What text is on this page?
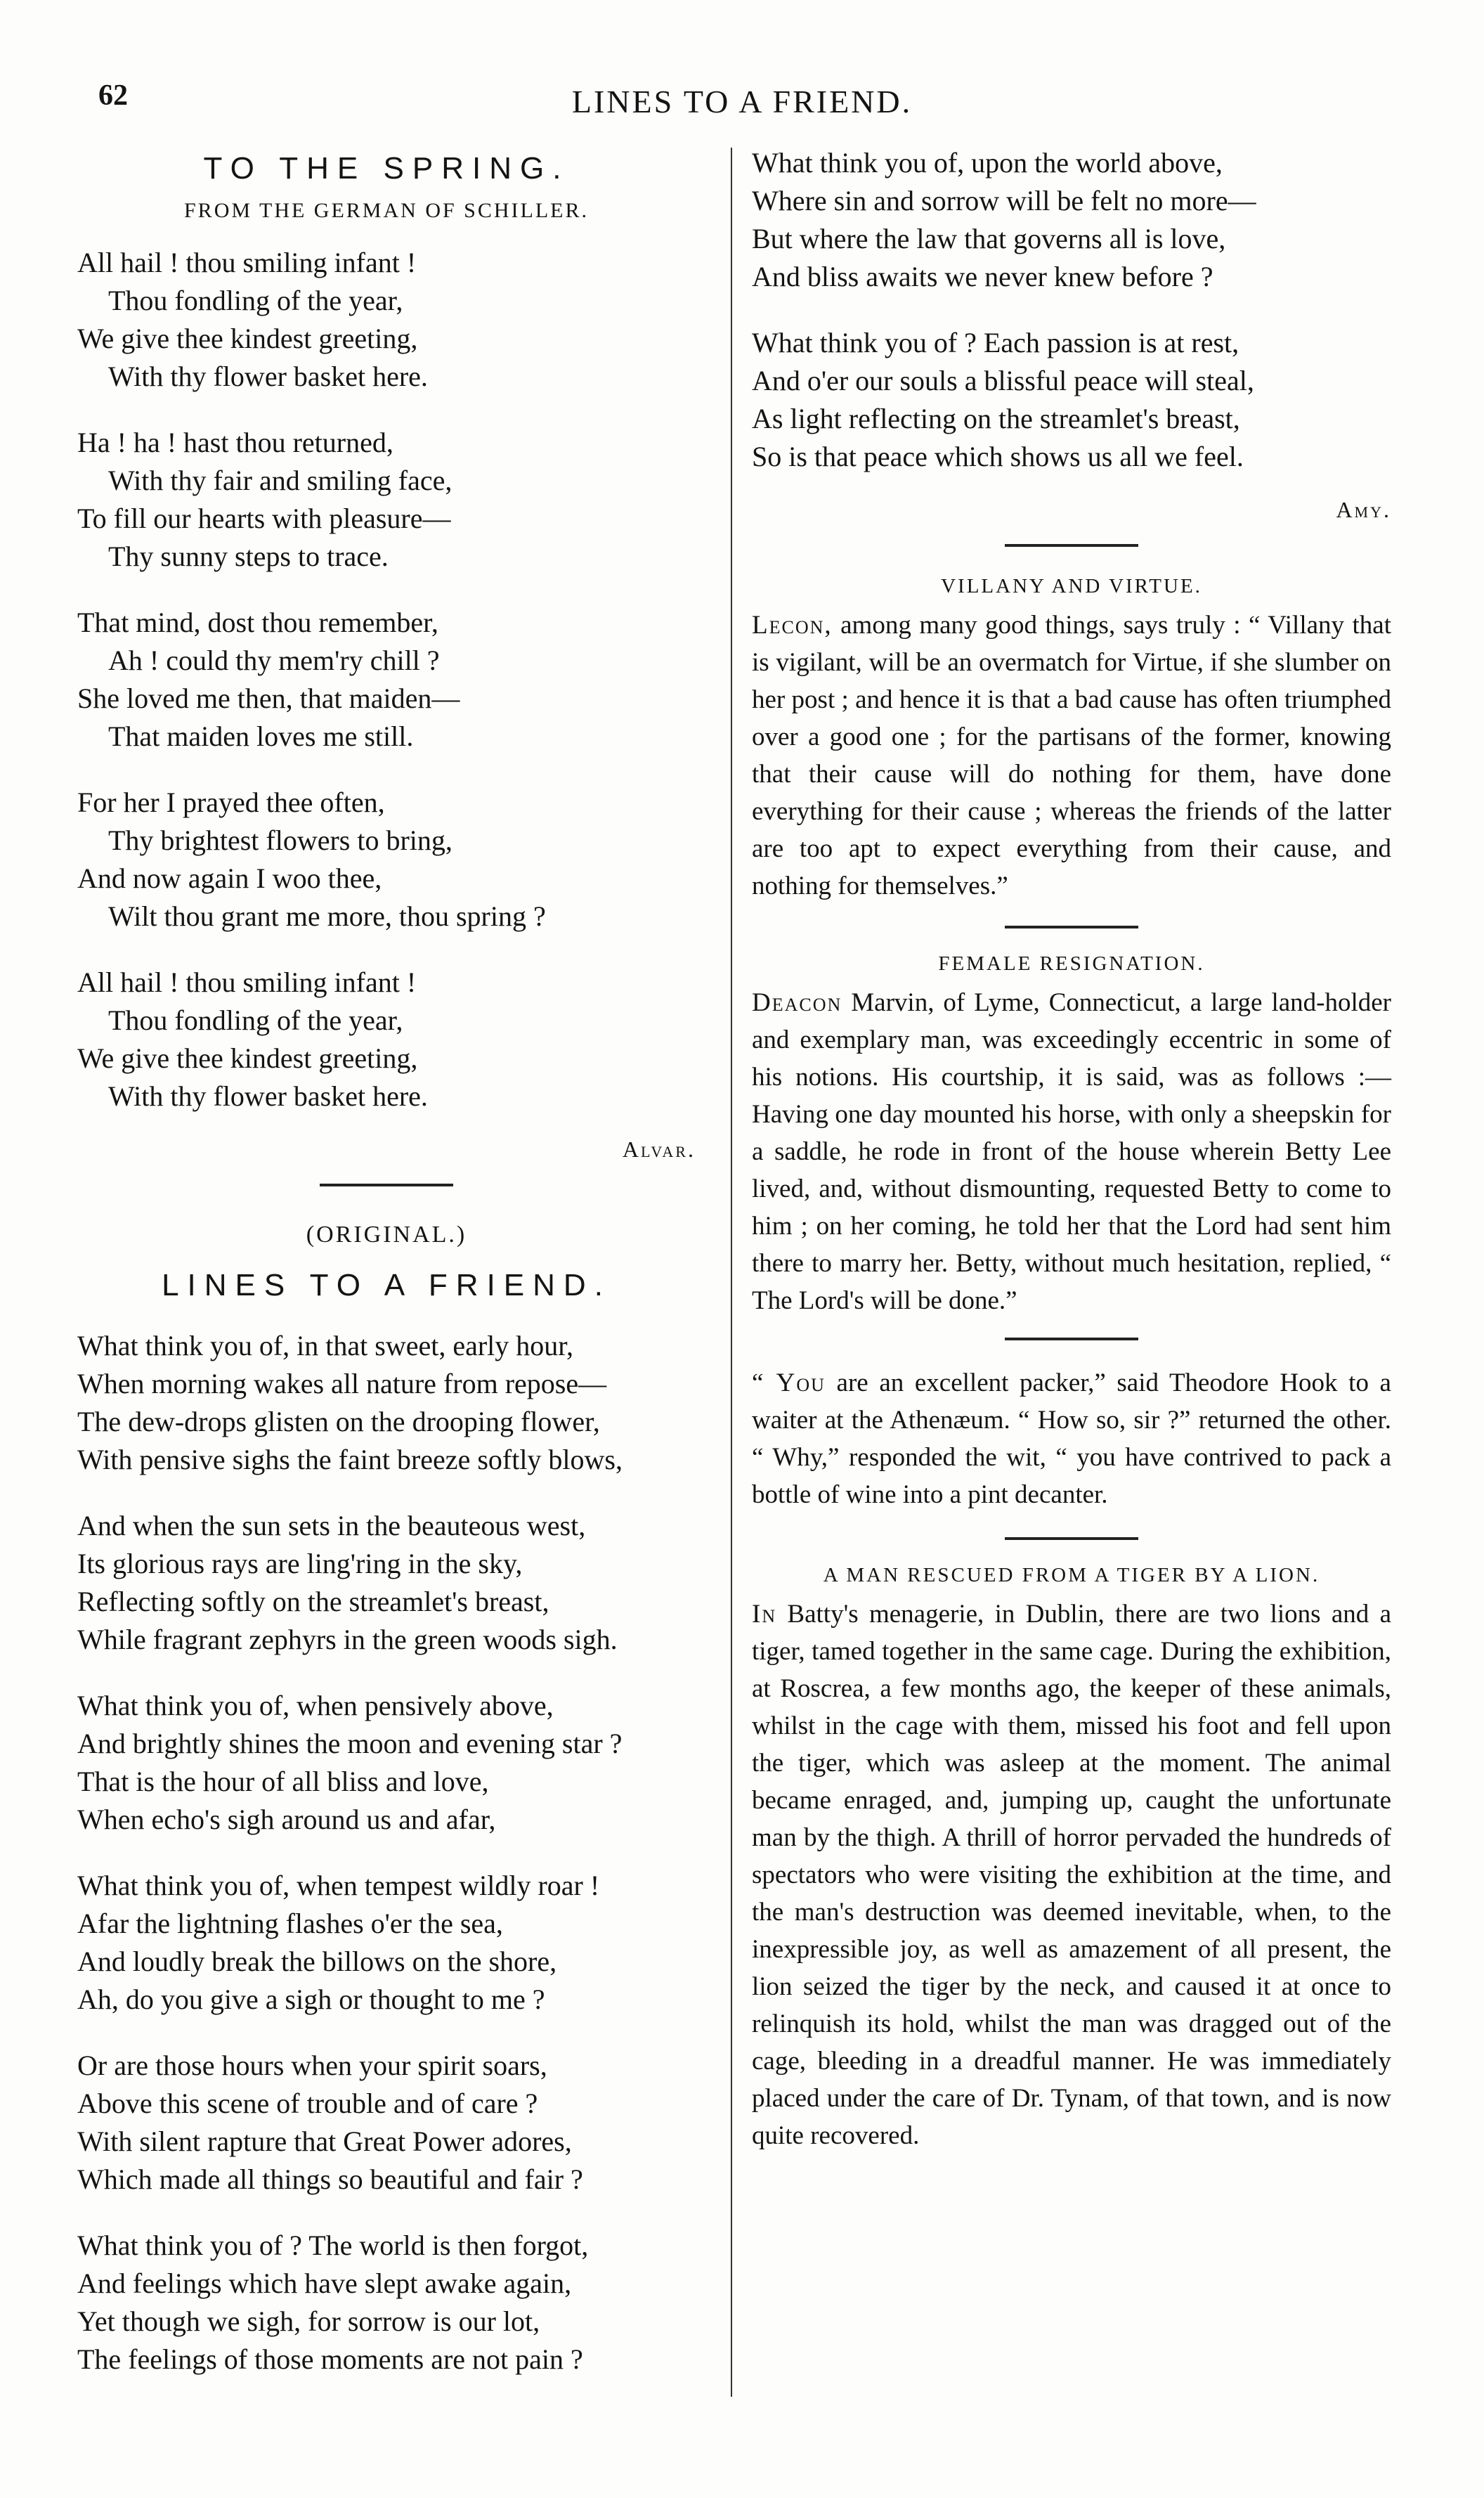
62	LINES TO A FRIEND.
TO THE SPRING.
FROM THE GERMAN OF SCHILLER.
All hail ! thou smiling infant !
Thou fondling of the year,
We give thee kindest greeting,
With thy flower basket here.
Ha ! ha ! hast thou returned,
With thy fair and smiling face,
To fill our hearts with pleasure—
Thy sunny steps to trace.
That mind, dost thou remember,
Ah ! could thy mem'ry chill ?
She loved me then, that maiden—
That maiden loves me still.
For her I prayed thee often,
Thy brightest flowers to bring,
And now again I woo thee,
Wilt thou grant me more, thou spring ?
All hail ! thou smiling infant !
Thou fondling of the year,
We give thee kindest greeting,
With thy flower basket here.
Alvar.
(ORIGINAL.)
LINES TO A FRIEND.
What think you of, in that sweet, early hour,
When morning wakes all nature from repose—
The dew-drops glisten on the drooping flower,
With pensive sighs the faint breeze softly blows,
And when the sun sets in the beauteous west,
Its glorious rays are ling'ring in the sky,
Reflecting softly on the streamlet's breast,
While fragrant zephyrs in the green woods sigh.
What think you of, when pensively above,
And brightly shines the moon and evening star ?
That is the hour of all bliss and love,
When echo's sigh around us and afar,
What think you of, when tempest wildly roar !
Afar the lightning flashes o'er the sea,
And loudly break the billows on the shore,
Ah, do you give a sigh or thought to me ?
Or are those hours when your spirit soars,
Above this scene of trouble and of care ?
With silent rapture that Great Power adores,
Which made all things so beautiful and fair ?
What think you of ? The world is then forgot,
And feelings which have slept awake again,
Yet though we sigh, for sorrow is our lot,
The feelings of those moments are not pain ?
What think you of, upon the world above,
Where sin and sorrow will be felt no more—
But where the law that governs all is love,
And bliss awaits we never knew before ?
What think you of ? Each passion is at rest,
And o'er our souls a blissful peace will steal,
As light reflecting on the streamlet's breast,
So is that peace which shows us all we feel.
Amy.
VILLANY AND VIRTUE.

Lecon, among many good things, says truly : “ Villany that is vigilant, will be an overmatch for Virtue, if she slumber on her post ; and hence it is that a bad cause has often triumphed over a good one ; for the partisans of the former, knowing that their cause will do nothing for them, have done everything for their cause ; whereas the friends of the latter are too apt to expect everything from their cause, and nothing for themselves.”

FEMALE RESIGNATION.

Deacon Marvin, of Lyme, Connecticut, a large land-holder and exemplary man, was exceedingly eccentric in some of his notions. His courtship, it is said, was as follows :—Having one day mounted his horse, with only a sheepskin for a saddle, he rode in front of the house wherein Betty Lee lived, and, without dismounting, requested Betty to come to him ; on her coming, he told her that the Lord had sent him there to marry her. Betty, without much hesitation, replied, “ The Lord's will be done.”

“ You are an excellent packer,” said Theodore Hook to a waiter at the Athenæum. “ How so, sir ?” returned the other. “ Why,” responded the wit, “ you have contrived to pack a bottle of wine into a pint decanter.

A MAN RESCUED FROM A TIGER BY A LION.

In Batty's menagerie, in Dublin, there are two lions and a tiger, tamed together in the same cage. During the exhibition, at Roscrea, a few months ago, the keeper of these animals, whilst in the cage with them, missed his foot and fell upon the tiger, which was asleep at the moment. The animal became enraged, and, jumping up, caught the unfortunate man by the thigh. A thrill of horror pervaded the hundreds of spectators who were visiting the exhibition at the time, and the man's destruction was deemed inevitable, when, to the inexpressible joy, as well as amazement of all present, the lion seized the tiger by the neck, and caused it at once to relinquish its hold, whilst the man was dragged out of the cage, bleeding in a dreadful manner. He was immediately placed under the care of Dr. Tynam, of that town, and is now quite recovered.
